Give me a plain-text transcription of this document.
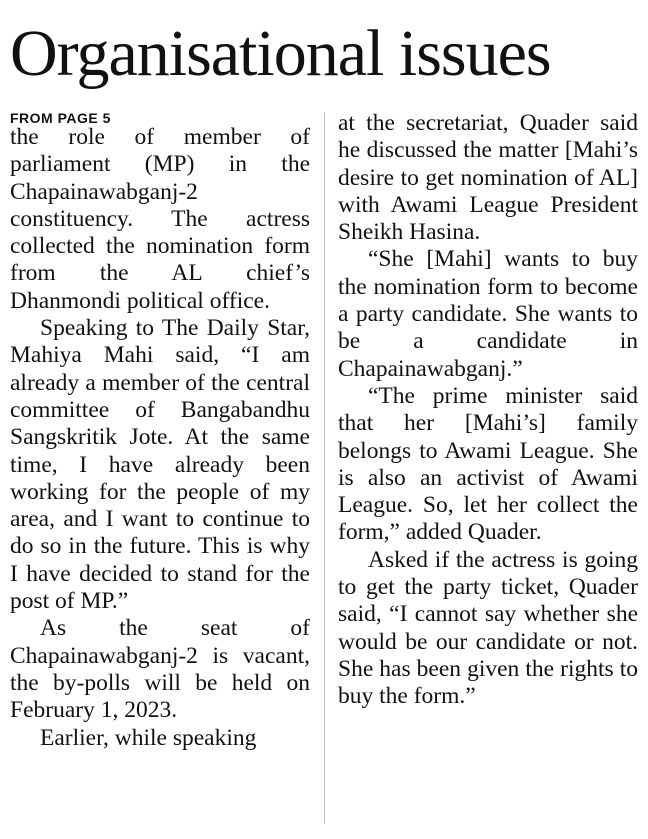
Organisational issues
FROM PAGE 5

the role of member of parliament (MP) in the Chapainawabganj-2 constituency. The actress collected the nomination form from the AL chief’s Dhanmondi political office.

Speaking to The Daily Star, Mahiya Mahi said, “I am already a member of the central committee of Bangabandhu Sangskritik Jote. At the same time, I have already been working for the people of my area, and I want to continue to do so in the future. This is why I have decided to stand for the post of MP.”

As the seat of Chapainawabganj-2 is vacant, the by-polls will be held on February 1, 2023.

Earlier, while speaking

at the secretariat, Quader said he discussed the matter [Mahi’s desire to get nomination of AL] with Awami League President Sheikh Hasina.

“She [Mahi] wants to buy the nomination form to become a party candidate. She wants to be a candidate in Chapainawabganj.”

“The prime minister said that her [Mahi’s] family belongs to Awami League. She is also an activist of Awami League. So, let her collect the form,” added Quader.

Asked if the actress is going to get the party ticket, Quader said, “I cannot say whether she would be our candidate or not. She has been given the rights to buy the form.”
